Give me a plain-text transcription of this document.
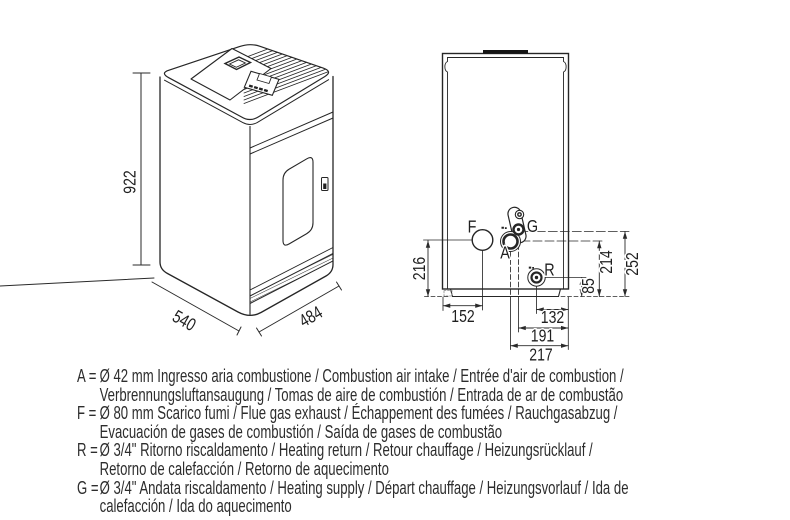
922
540	484
216
152	132
191
217
85
214 252
F	G
A
R
A = Ø 42 mm Ingresso aria combustione / Combustion air intake / Entrée d'air de combustion /
Verbrennungsluftansaugung / Tomas de aire de combustión / Entrada de ar de combustão
F = Ø 80 mm Scarico fumi / Flue gas exhaust / Échappement des fumées / Rauchgasabzug /
Evacuación de gases de combustión / Saída de gases de combustão
R = Ø 3/4" Ritorno riscaldamento / Heating return / Retour chauffage / Heizungsrücklauf /
Retorno de calefacción / Retorno de aquecimento
G = Ø 3/4" Andata riscaldamento / Heating supply / Départ chauffage / Heizungsvorlauf / Ida de
calefacción / Ida do aquecimento
